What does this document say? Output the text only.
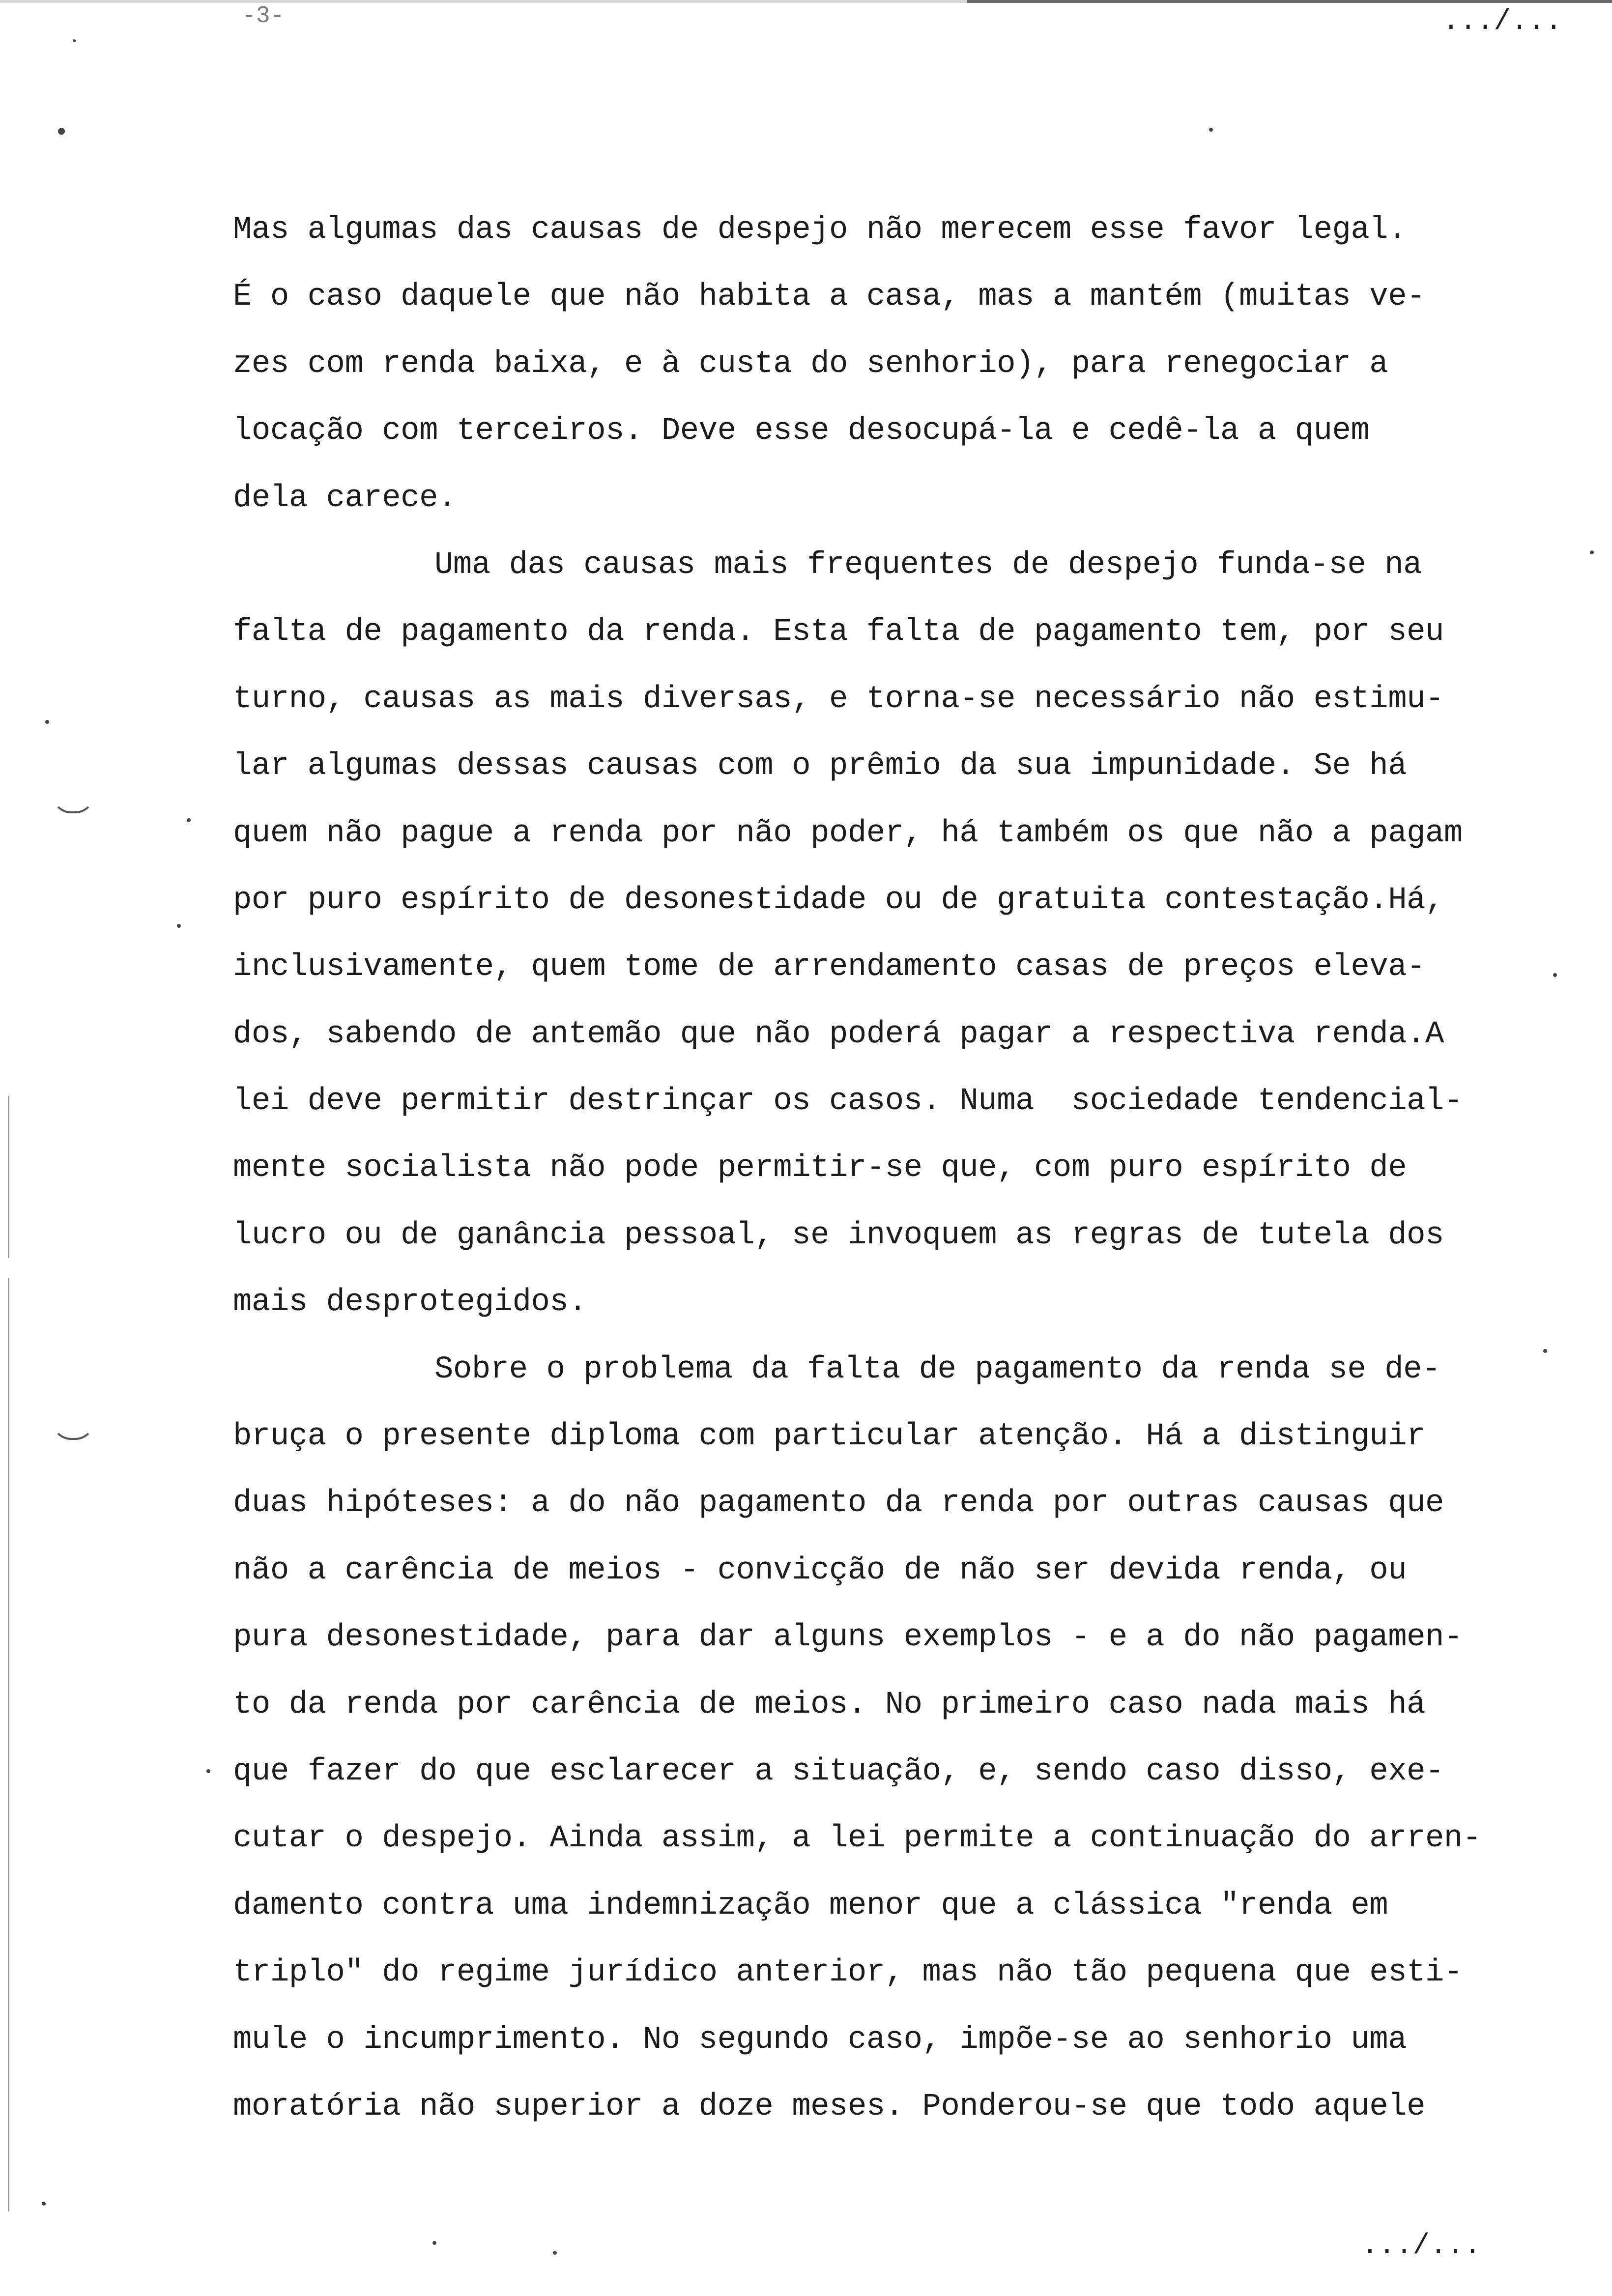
-3-	.../...
Mas algumas das causas de despejo não merecem esse favor legal.
É o caso daquele que não habita a casa, mas a mantém (muitas ve-
zes com renda baixa, e à custa do senhorio), para renegociar a
locação com terceiros. Deve esse desocupá-la e cedê-la a quem
dela carece.
Uma das causas mais frequentes de despejo funda-se na
falta de pagamento da renda. Esta falta de pagamento tem, por seu
turno, causas as mais diversas, e torna-se necessário não estimu-
lar algumas dessas causas com o prêmio da sua impunidade. Se há
quem não pague a renda por não poder, há também os que não a pagam
por puro espírito de desonestidade ou de gratuita contestação.Há,
inclusivamente, quem tome de arrendamento casas de preços eleva-
dos, sabendo de antemão que não poderá pagar a respectiva renda.A
lei deve permitir destrinçar os casos. Numa  sociedade tendencial-
mente socialista não pode permitir-se que, com puro espírito de
lucro ou de ganância pessoal, se invoquem as regras de tutela dos
mais desprotegidos.
Sobre o problema da falta de pagamento da renda se de-
bruça o presente diploma com particular atenção. Há a distinguir
duas hipóteses: a do não pagamento da renda por outras causas que
não a carência de meios - convicção de não ser devida renda, ou
pura desonestidade, para dar alguns exemplos - e a do não pagamen-
to da renda por carência de meios. No primeiro caso nada mais há
que fazer do que esclarecer a situação, e, sendo caso disso, exe-
cutar o despejo. Ainda assim, a lei permite a continuação do arren-
damento contra uma indemnização menor que a clássica "renda em
triplo" do regime jurídico anterior, mas não tão pequena que esti-
mule o incumprimento. No segundo caso, impõe-se ao senhorio uma
moratória não superior a doze meses. Ponderou-se que todo aquele
.../...
